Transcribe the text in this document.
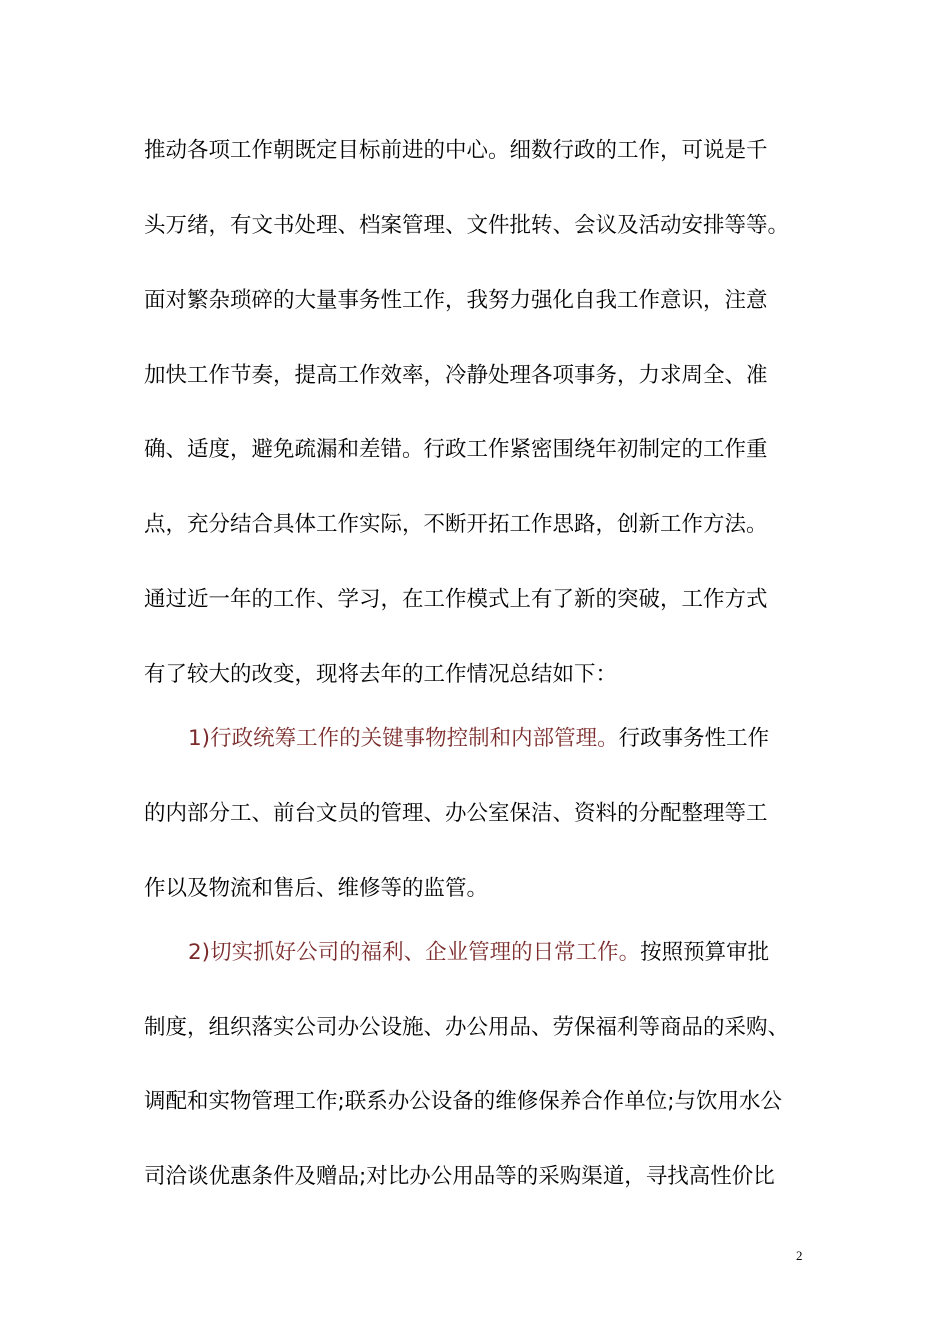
推动各项工作朝既定目标前进的中心。细数行政的工作，可说是千
头万绪，有文书处理、档案管理、文件批转、会议及活动安排等等。
面对繁杂琐碎的大量事务性工作，我努力强化自我工作意识，注意
加快工作节奏，提高工作效率，冷静处理各项事务，力求周全、准
确、适度，避免疏漏和差错。行政工作紧密围绕年初制定的工作重
点，充分结合具体工作实际，不断开拓工作思路，创新工作方法。
通过近一年的工作、学习，在工作模式上有了新的突破，工作方式
有了较大的改变，现将去年的工作情况总结如下：
1)行政统筹工作的关键事物控制和内部管理。行政事务性工作
的内部分工、前台文员的管理、办公室保洁、资料的分配整理等工
作以及物流和售后、维修等的监管。
2)切实抓好公司的福利、企业管理的日常工作。按照预算审批
制度，组织落实公司办公设施、办公用品、劳保福利等商品的采购、
调配和实物管理工作;联系办公设备的维修保养合作单位;与饮用水公
司洽谈优惠条件及赠品;对比办公用品等的采购渠道，寻找高性价比
2
